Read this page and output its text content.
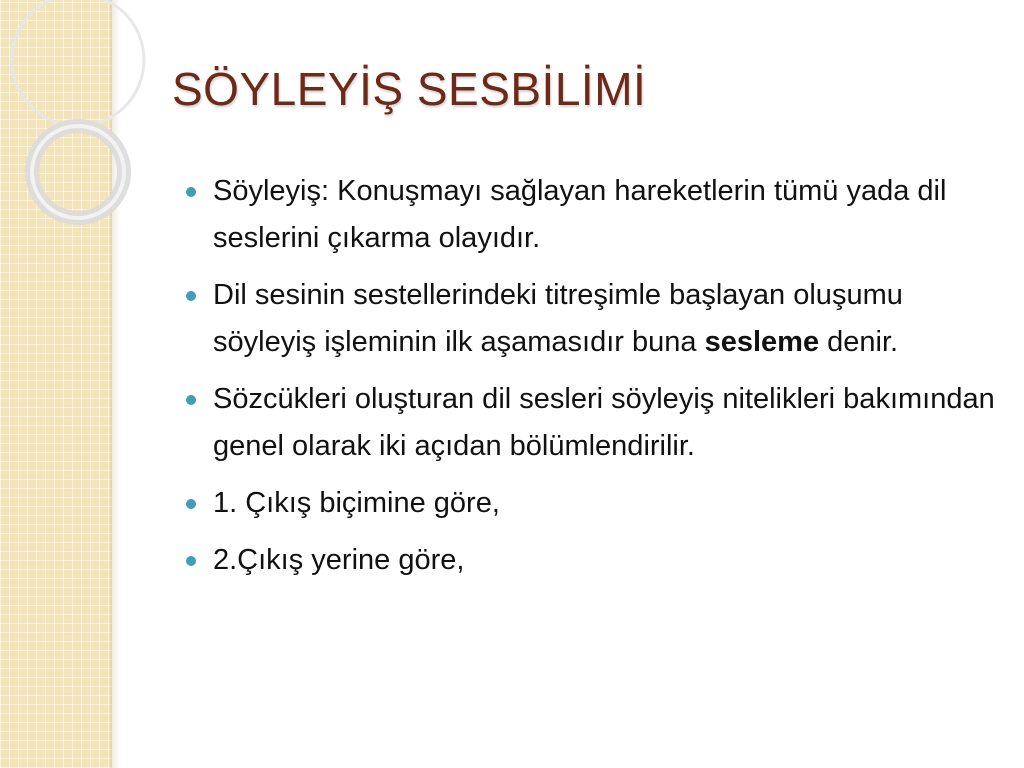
SÖYLEYİŞ SESBİLİMİ
Söyleyiş: Konuşmayı sağlayan hareketlerin tümü yada dil seslerini çıkarma olayıdır.
Dil sesinin sestellerindeki titreşimle başlayan oluşumu söyleyiş işleminin ilk aşamasıdır buna sesleme denir.
Sözcükleri oluşturan dil sesleri söyleyiş nitelikleri bakımından genel olarak iki açıdan bölümlendirilir.
1. Çıkış biçimine göre,
2.Çıkış yerine göre,
